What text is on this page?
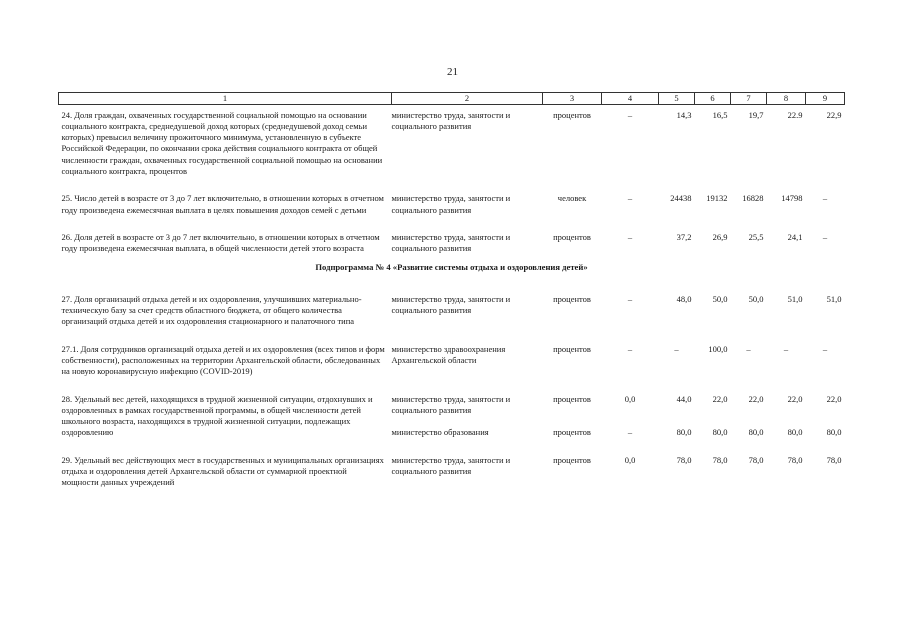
21
1	2	3	4	5	6	7	8	9

24. Доля граждан, охваченных государственной социальной помощью на основании социального контракта, среднедушевой доход которых (среднедушевой доход семьи которых) превысил величину прожиточного минимума, установленную в субъекте Российской Федерации, по окончании срока действия социального контракта от общей численности граждан, охваченных государственной социальной помощью на основании социального контракта, процентов	министерство труда, занятости и социального развития	процентов	–	14,3	16,5	19,7	22.9	22,9

25. Число детей в возрасте от 3 до 7 лет включительно, в отношении которых в отчетном году произведена ежемесячная выплата в целях повышения доходов семей с детьми	министерство труда, занятости и социального развития	человек	–	24438	19132	16828	14798	–

26. Доля детей в возрасте от 3 до 7 лет включительно, в отношении которых в отчетном году произведена ежемесячная выплата, в общей численности детей этого возраста	министерство труда, занятости и социального развития	процентов	–	37,2	26,9	25,5	24,1	–
Подпрограмма № 4 «Развитие системы отдыха и оздоровления детей»								

27. Доля организаций отдыха детей и их оздоровления, улучшивших материально-техническую базу за счет средств областного бюджета, от общего количества организаций отдыха детей и их оздоровления стационарного и палаточного типа	министерство труда, занятости и социального развития	процентов	–	48,0	50,0	50,0	51,0	51,0

27.1. Доля сотрудников организаций отдыха детей и их оздоровления (всех типов и форм собственности), расположенных на территории Архангельской области, обследованных на новую коронавирусную инфекцию (COVID-2019)	министерство здравоохранения Архангельской области	процентов	–	–	100,0	–	–	–

28. Удельный вес детей, находящихся в трудной жизненной ситуации, отдохнувших и оздоровленных в рамках государственной программы, в общей численности детей школьного возраста, находящихся в трудной жизненной ситуации, подлежащих оздоровлению	министерство труда, занятости и социального развития	процентов	0,0	44,0	22,0	22,0	22,0	22,0
	министерство образования	процентов	–	80,0	80,0	80,0	80,0	80,0

29. Удельный вес действующих мест в государственных и муниципальных организациях отдыха и оздоровления детей Архангельской области от суммарной проектной мощности данных учреждений	министерство труда, занятости и социального развития	процентов	0,0	78,0	78,0	78,0	78,0	78,0
